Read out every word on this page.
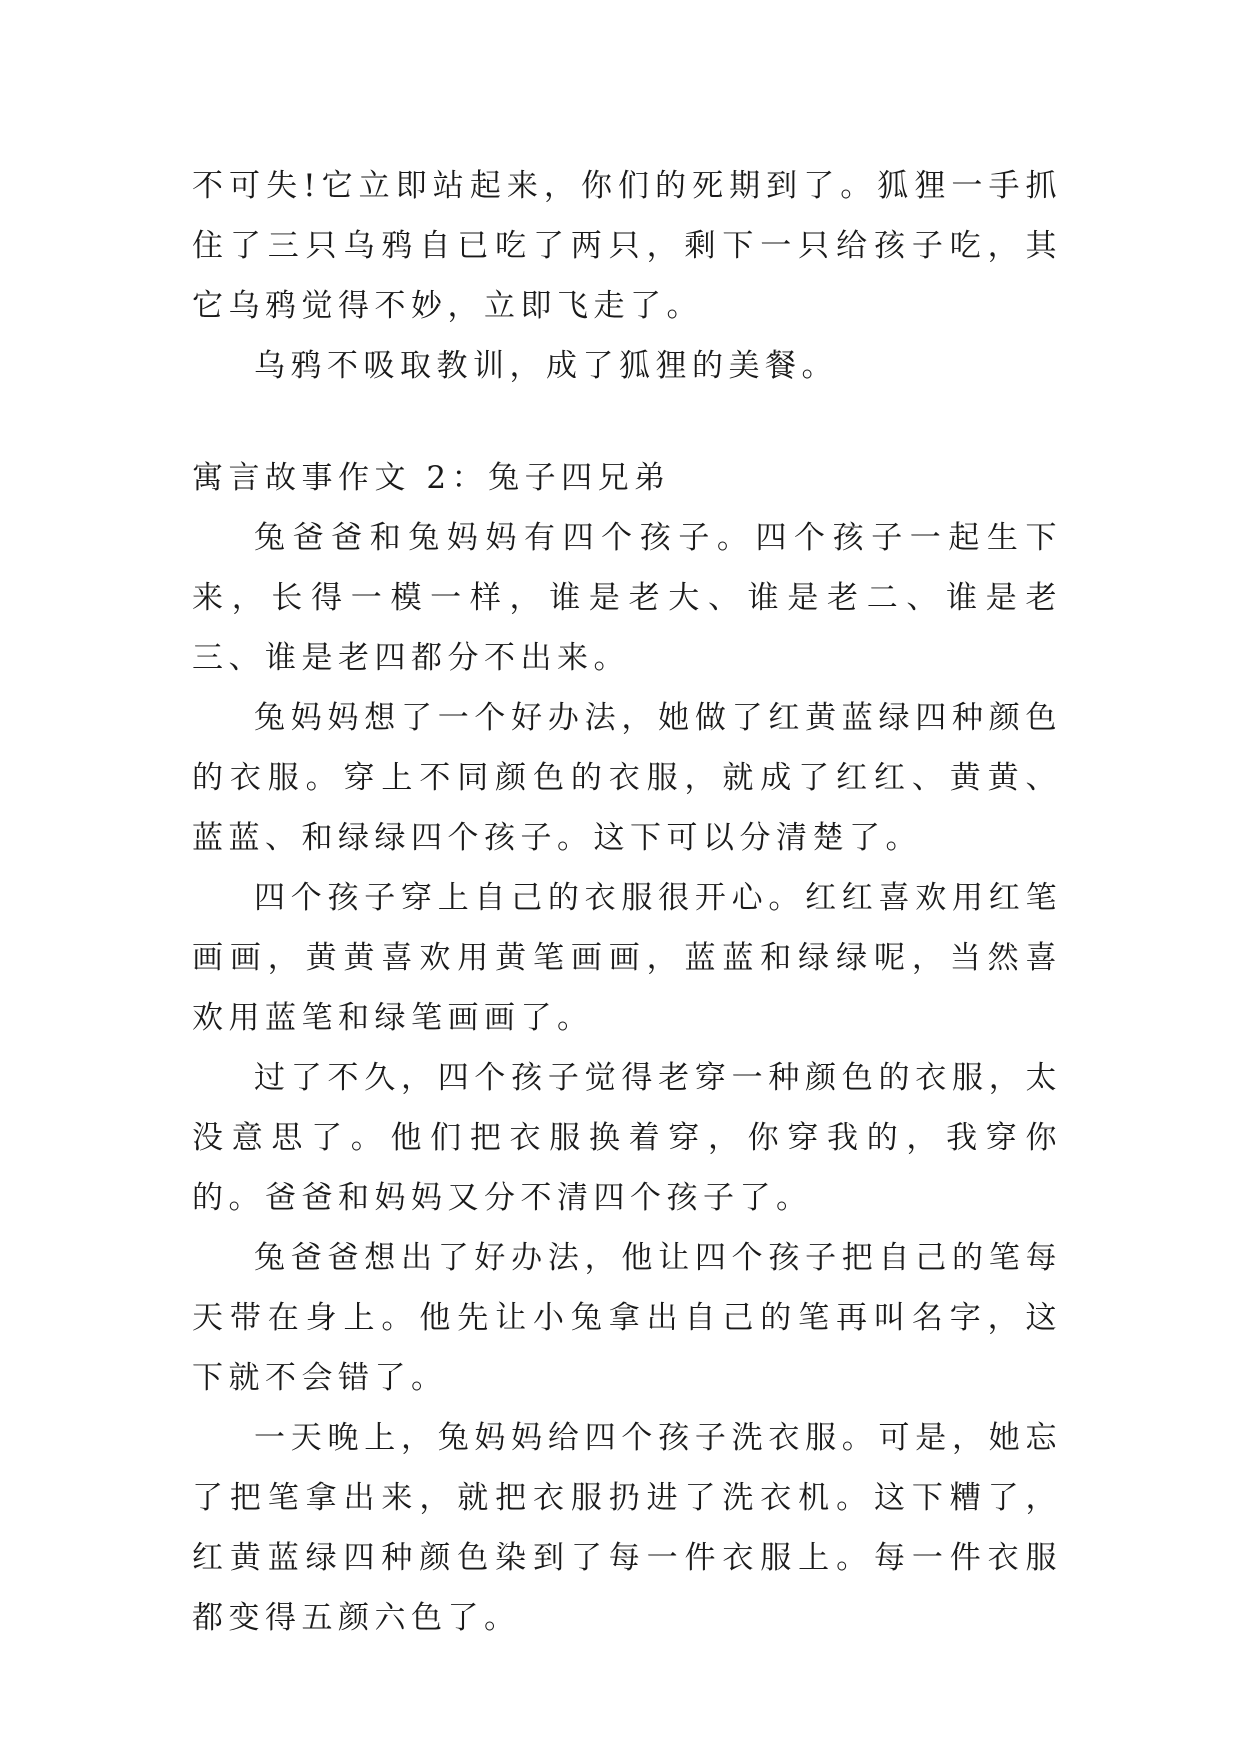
不可失!它立即站起来，你们的死期到了。狐狸一手抓住了三只乌鸦自已吃了两只，剩下一只给孩子吃，其它乌鸦觉得不妙，立即飞走了。

乌鸦不吸取教训，成了狐狸的美餐。

寓言故事作文 2：兔子四兄弟

兔爸爸和兔妈妈有四个孩子。四个孩子一起生下来，长得一模一样，谁是老大、谁是老二、谁是老三、谁是老四都分不出来。

兔妈妈想了一个好办法，她做了红黄蓝绿四种颜色的衣服。穿上不同颜色的衣服，就成了红红、黄黄、蓝蓝、和绿绿四个孩子。这下可以分清楚了。

四个孩子穿上自己的衣服很开心。红红喜欢用红笔画画，黄黄喜欢用黄笔画画，蓝蓝和绿绿呢，当然喜欢用蓝笔和绿笔画画了。

过了不久，四个孩子觉得老穿一种颜色的衣服，太没意思了。他们把衣服换着穿，你穿我的，我穿你的。爸爸和妈妈又分不清四个孩子了。

兔爸爸想出了好办法，他让四个孩子把自己的笔每天带在身上。他先让小兔拿出自己的笔再叫名字，这下就不会错了。

一天晚上，兔妈妈给四个孩子洗衣服。可是，她忘了把笔拿出来，就把衣服扔进了洗衣机。这下糟了，红黄蓝绿四种颜色染到了每一件衣服上。每一件衣服都变得五颜六色了。
